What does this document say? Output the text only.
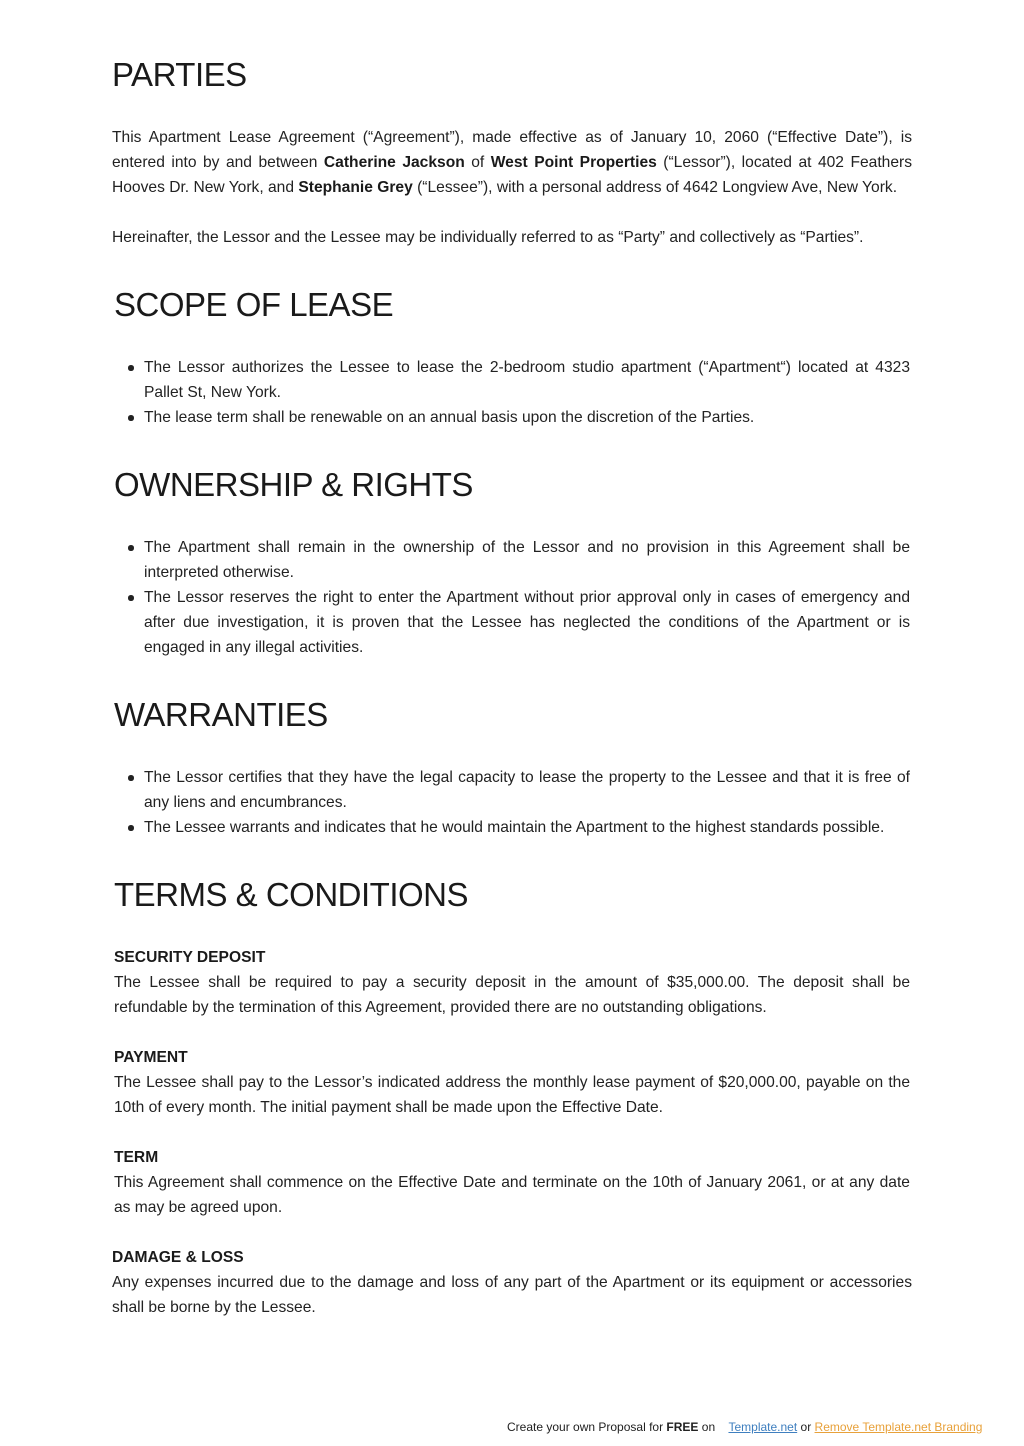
PARTIES

This Apartment Lease Agreement (“Agreement”), made effective as of January 10, 2060 (“Effective Date”), is entered into by and between Catherine Jackson of West Point Properties (“Lessor”), located at 402 Feathers Hooves Dr. New York, and Stephanie Grey (“Lessee”), with a personal address of 4642 Longview Ave, New York.

Hereinafter, the Lessor and the Lessee may be individually referred to as “Party” and collectively as “Parties”.

SCOPE OF LEASE
The Lessor authorizes the Lessee to lease the 2-bedroom studio apartment (“Apartment“) located at 4323 Pallet St, New York.
The lease term shall be renewable on an annual basis upon the discretion of the Parties.
OWNERSHIP & RIGHTS
The Apartment shall remain in the ownership of the Lessor and no provision in this Agreement shall be interpreted otherwise.
The Lessor reserves the right to enter the Apartment without prior approval only in cases of emergency and after due investigation, it is proven that the Lessee has neglected the conditions of the Apartment or is engaged in any illegal activities.
WARRANTIES
The Lessor certifies that they have the legal capacity to lease the property to the Lessee and that it is free of any liens and encumbrances.
The Lessee warrants and indicates that he would maintain the Apartment to the highest standards possible.
TERMS & CONDITIONS
SECURITY DEPOSIT

The Lessee shall be required to pay a security deposit in the amount of $35,000.00. The deposit shall be refundable by the termination of this Agreement, provided there are no outstanding obligations.

PAYMENT

The Lessee shall pay to the Lessor’s indicated address the monthly lease payment of $20,000.00, payable on the 10th of every month. The initial payment shall be made upon the Effective Date.

TERM

This Agreement shall commence on the Effective Date and terminate on the 10th of January 2061, or at any date as may be agreed upon.

DAMAGE & LOSS

Any expenses incurred due to the damage and loss of any part of the Apartment or its equipment or accessories shall be borne by the Lessee.

Create your own Proposal for FREE on    Template.net or Remove Template.net Branding
